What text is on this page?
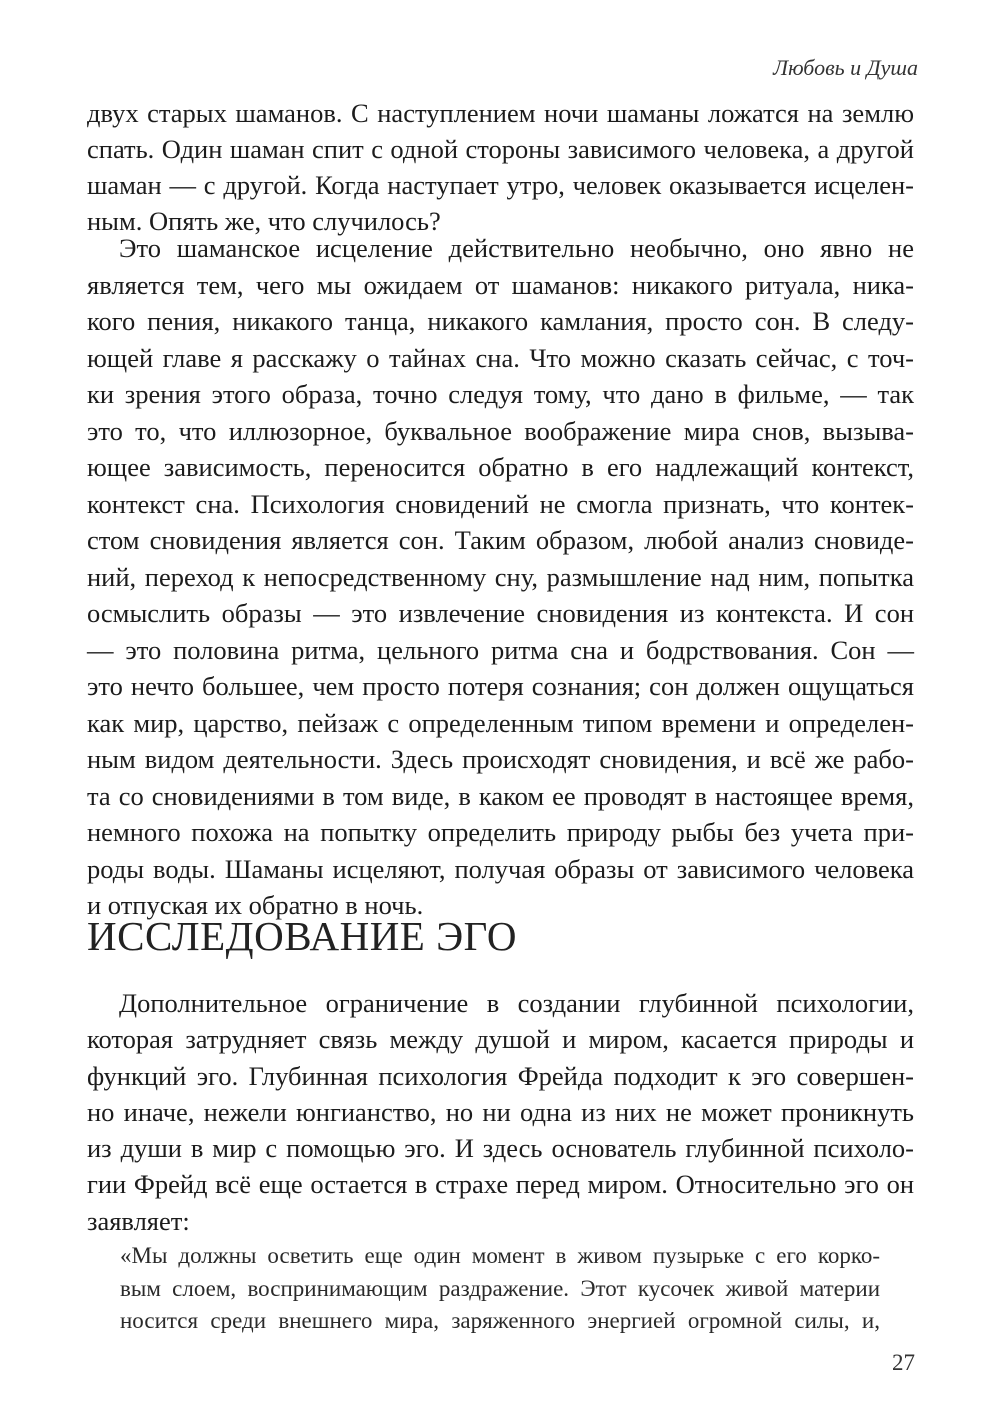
Любовь и Душа
двух старых шаманов. С наступлением ночи шаманы ложатся на землю
спать. Один шаман спит с одной стороны зависимого человека, а другой
шаман — с другой. Когда наступает утро, человек оказывается исцелен-
ным. Опять же, что случилось?
Это шаманское исцеление действительно необычно, оно явно не
является тем, чего мы ожидаем от шаманов: никакого ритуала, ника-
кого пения, никакого танца, никакого камлания, просто сон. В следу-
ющей главе я расскажу о тайнах сна. Что можно сказать сейчас, с точ-
ки зрения этого образа, точно следуя тому, что дано в фильме, — так
это то, что иллюзорное, буквальное воображение мира снов, вызыва-
ющее зависимость, переносится обратно в его надлежащий контекст,
контекст сна. Психология сновидений не смогла признать, что контек-
стом сновидения является сон. Таким образом, любой анализ сновиде-
ний, переход к непосредственному сну, размышление над ним, попытка
осмыслить образы — это извлечение сновидения из контекста. И сон
— это половина ритма, цельного ритма сна и бодрствования. Сон —
это нечто большее, чем просто потеря сознания; сон должен ощущаться
как мир, царство, пейзаж с определенным типом времени и определен-
ным видом деятельности. Здесь происходят сновидения, и всё же рабо-
та со сновидениями в том виде, в каком ее проводят в настоящее время,
немного похожа на попытку определить природу рыбы без учета при-
роды воды. Шаманы исцеляют, получая образы от зависимого человека
и отпуская их обратно в ночь.
ИССЛЕДОВАНИЕ ЭГО
Дополнительное ограничение в создании глубинной психологии,
которая затрудняет связь между душой и миром, касается природы и
функций эго. Глубинная психология Фрейда подходит к эго совершен-
но иначе, нежели юнгианство, но ни одна из них не может проникнуть
из души в мир с помощью эго. И здесь основатель глубинной психоло-
гии Фрейд всё еще остается в страхе перед миром. Относительно эго он
заявляет:
«Мы должны осветить еще один момент в живом пузырьке с его корко-
вым слоем, воспринимающим раздражение. Этот кусочек живой материи
носится среди внешнего мира, заряженного энергией огромной силы, и,
27
